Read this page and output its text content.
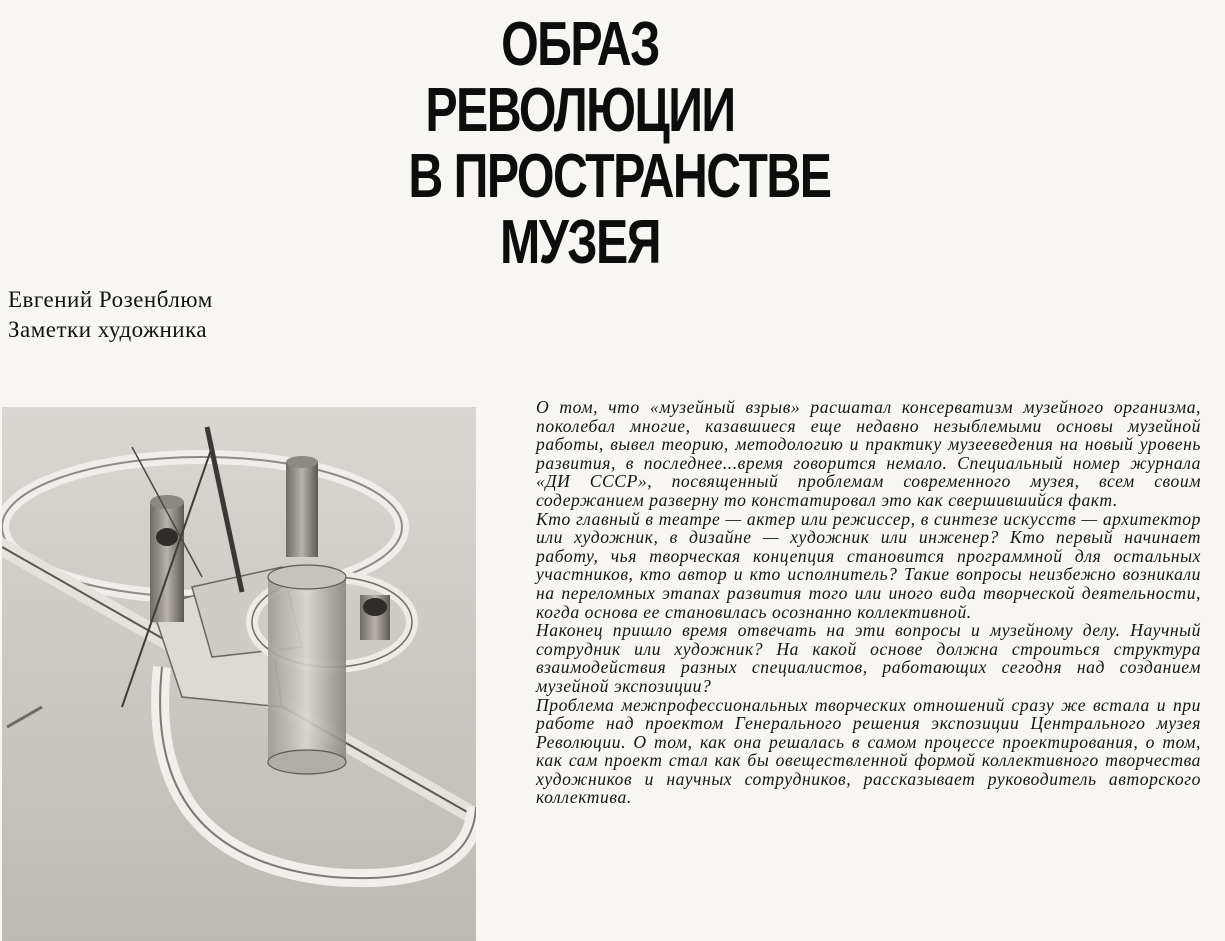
ОБРАЗ
РЕВОЛЮЦИИ
В ПРОСТРАНСТВЕ
МУЗЕЯ
Евгений Розенблюм
Заметки художника

О том, что «музейный взрыв» расшатал консерватизм музейного организма, поколебал многие, казавшиеся еще недавно незыблемыми основы музейной работы, вывел теорию, методологию и практику музееведения на новый уровень развития, в последнее...время говорится немало. Специальный номер журнала «ДИ СССР», посвященный проблемам современного музея, всем своим содержанием разверну то констатировал это как свершившийся факт.

Кто главный в театре — актер или режиссер, в синтезе искусств — архитектор или художник, в дизайне — художник или инженер? Кто первый начинает работу, чья творческая концепция становится программной для остальных участников, кто автор и кто исполнитель? Такие вопросы неизбежно возникали на переломных этапах развития того или иного вида творческой деятельности, когда основа ее становилась осознанно коллективной.

Наконец пришло время отвечать на эти вопросы и музейному делу. Научный сотрудник или художник? На какой основе должна строиться структура взаимодействия разных специалистов, работающих сегодня над созданием музейной экспозиции?

Проблема межпрофессиональных творческих отношений сразу же встала и при работе над проектом Генерального решения экспозиции Центрального музея Революции. О том, как она решалась в самом процессе проектирования, о том, как сам проект стал как бы овеществленной формой коллективного творчества художников и научных сотрудников, рассказывает руководитель авторского коллектива.
